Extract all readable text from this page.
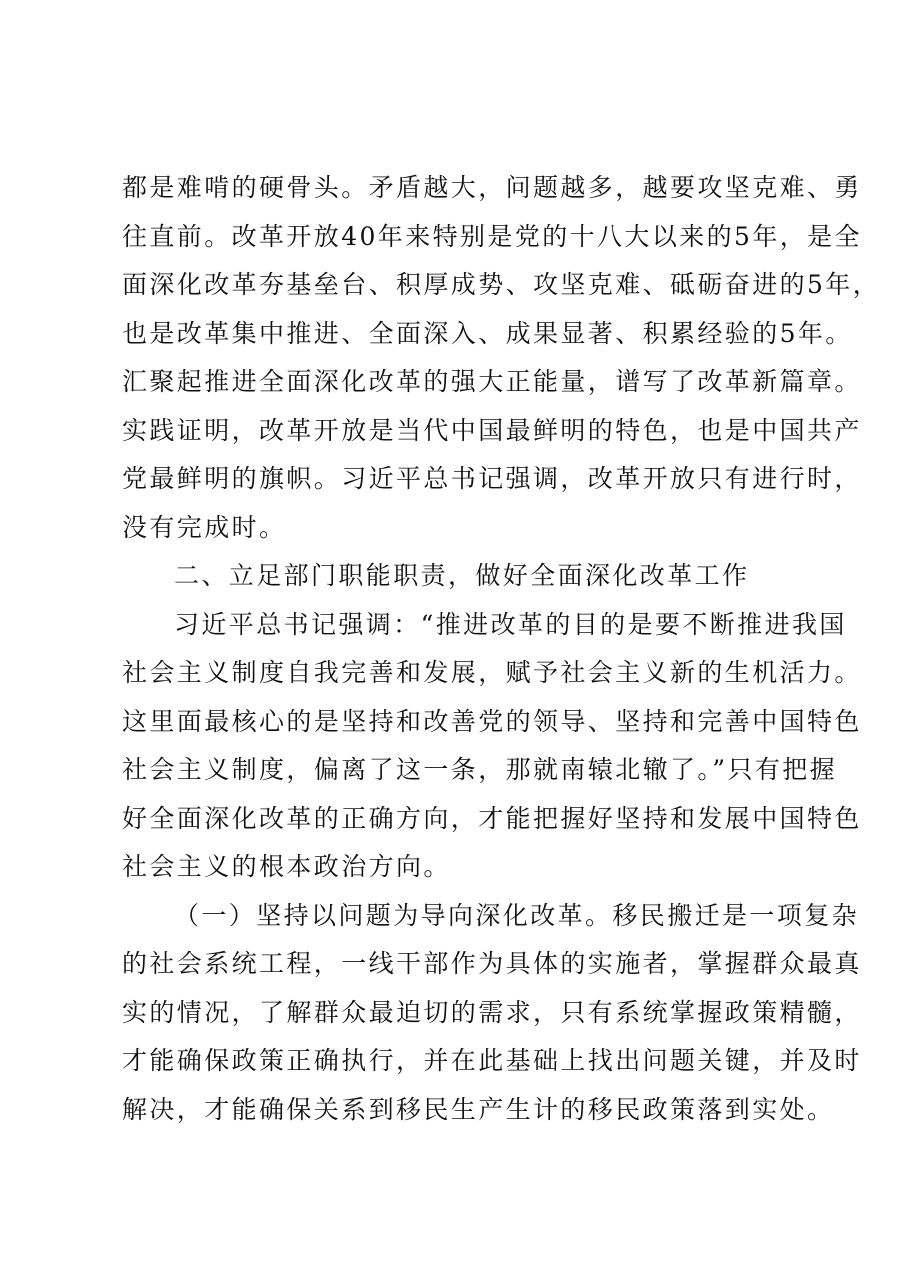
都是难啃的硬骨头。矛盾越大，问题越多，越要攻坚克难、勇
往直前。改革开放40年来特别是党的十八大以来的5年，是全
面深化改革夯基垒台、积厚成势、攻坚克难、砥砺奋进的5年，
也是改革集中推进、全面深入、成果显著、积累经验的5年。
汇聚起推进全面深化改革的强大正能量，谱写了改革新篇章。
实践证明，改革开放是当代中国最鲜明的特色，也是中国共产
党最鲜明的旗帜。习近平总书记强调，改革开放只有进行时，
没有完成时。
二、立足部门职能职责，做好全面深化改革工作
习近平总书记强调：“推进改革的目的是要不断推进我国
社会主义制度自我完善和发展，赋予社会主义新的生机活力。
这里面最核心的是坚持和改善党的领导、坚持和完善中国特色
社会主义制度，偏离了这一条，那就南辕北辙了。”只有把握
好全面深化改革的正确方向，才能把握好坚持和发展中国特色
社会主义的根本政治方向。
（一）坚持以问题为导向深化改革。移民搬迁是一项复杂
的社会系统工程，一线干部作为具体的实施者，掌握群众最真
实的情况，了解群众最迫切的需求，只有系统掌握政策精髓，
才能确保政策正确执行，并在此基础上找出问题关键，并及时
解决，才能确保关系到移民生产生计的移民政策落到实处。
